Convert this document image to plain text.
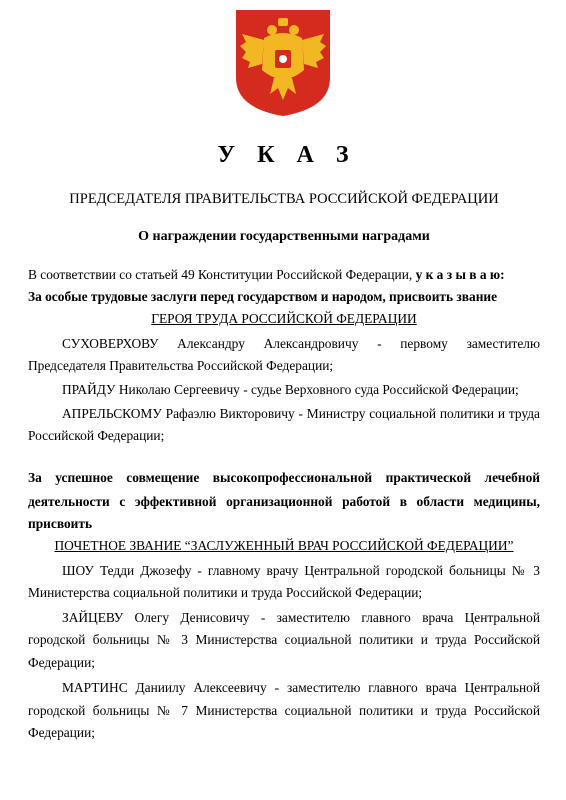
У К А З
ПРЕДСЕДАТЕЛЯ ПРАВИТЕЛЬСТВА РОССИЙСКОЙ ФЕДЕРАЦИИ
О награждении государственными наградами
В соответствии со статьей 49 Конституции Российской Федерации, у к а з ы в а ю:
За особые трудовые заслуги перед государством и народом, присвоить звание
ГЕРОЯ ТРУДА РОССИЙСКОЙ ФЕДЕРАЦИИ
СУХОВЕРХОВУ Александру Александровичу - первому заместителю
Председателя Правительства Российской Федерации;
ПРАЙДУ Николаю Сергеевичу - судье Верховного суда Российской Федерации;
АПРЕЛЬСКОМУ Рафаэлю Викторовичу - Министру социальной политики и труда
Российской Федерации;
За успешное совмещение высокопрофессиональной практической лечебной
деятельности с эффективной организационной работой в области медицины,
присвоить
ПОЧЕТНОЕ ЗВАНИЕ “ЗАСЛУЖЕННЫЙ ВРАЧ РОССИЙСКОЙ ФЕДЕРАЦИИ”
ШОУ Тедди Джозефу - главному врачу Центральной городской больницы № 3
Министерства социальной политики и труда Российской Федерации;
ЗАЙЦЕВУ Олегу Денисовичу - заместителю главного врача Центральной
городской больницы № 3 Министерства социальной политики и труда Российской
Федерации;
МАРТИНС Даниилу Алексеевичу - заместителю главного врача Центральной
городской больницы № 7 Министерства социальной политики и труда Российской
Федерации;
